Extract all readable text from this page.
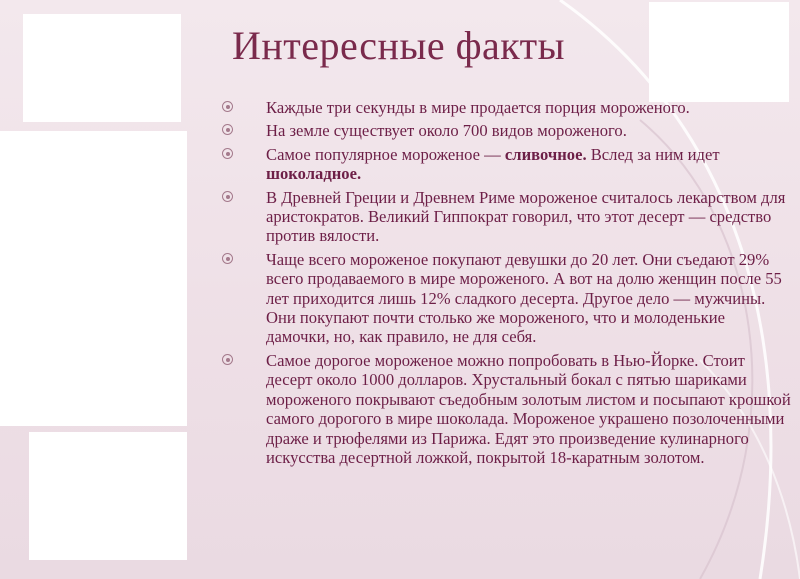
Интересные факты
Каждые три секунды в мире продается порция мороженого.
На земле существует около 700 видов мороженого.
Самое популярное мороженое — сливочное. Вслед за ним идет шоколадное.
В Древней Греции и Древнем Риме мороженое считалось лекарством для аристократов. Великий Гиппократ говорил, что этот десерт — средство против вялости.
Чаще всего мороженое покупают девушки до 20 лет. Они съедают 29% всего продаваемого в мире мороженого. А вот на долю женщин после 55 лет приходится лишь 12% сладкого десерта. Другое дело — мужчины. Они покупают почти столько же мороженого, что и молоденькие дамочки, но, как правило, не для себя.
Самое дорогое мороженое можно попробовать в Нью-Йорке. Стоит десерт около 1000 долларов. Хрустальный бокал с пятью шариками мороженого покрывают съедобным золотым листом и посыпают крошкой самого дорогого в мире шоколада. Мороженое украшено позолоченными драже и трюфелями из Парижа. Едят это произведение кулинарного искусства десертной ложкой, покрытой 18-каратным золотом.
